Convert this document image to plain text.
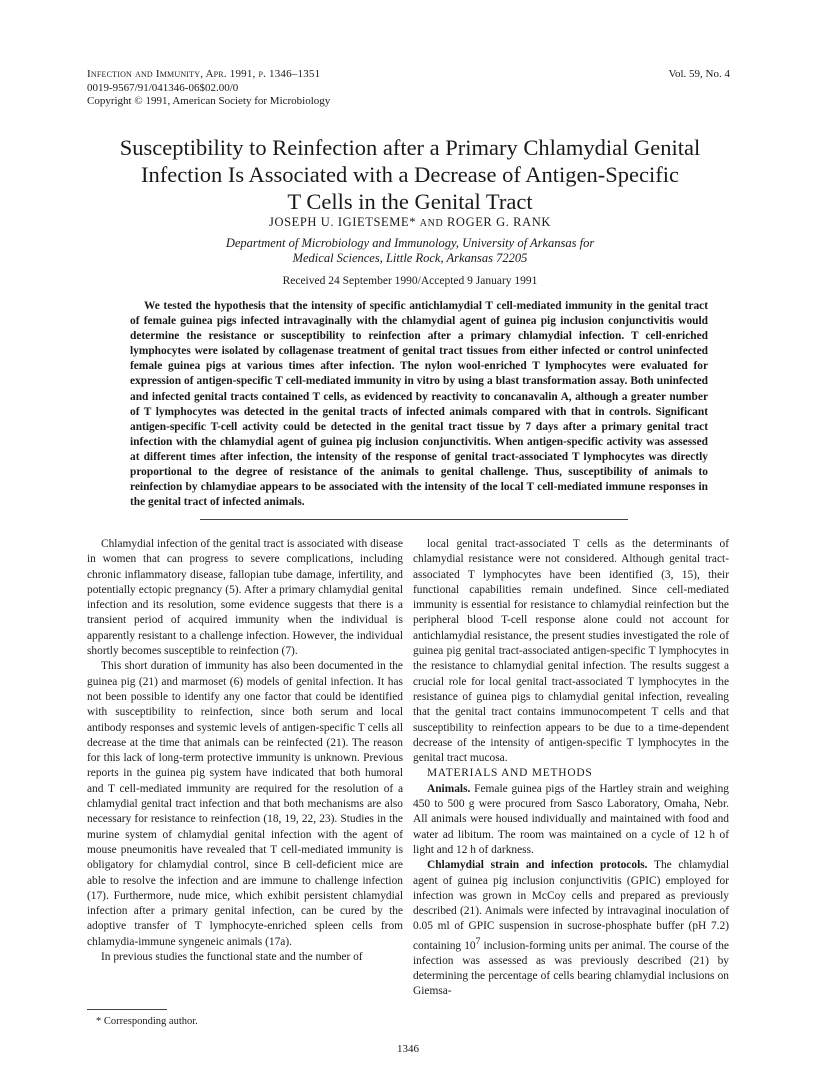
Infection and Immunity, Apr. 1991, p. 1346–1351
0019-9567/91/041346-06$02.00/0
Copyright © 1991, American Society for Microbiology
Vol. 59, No. 4
Susceptibility to Reinfection after a Primary Chlamydial Genital
Infection Is Associated with a Decrease of Antigen-Specific
T Cells in the Genital Tract
JOSEPH U. IGIETSEME* AND ROGER G. RANK
Department of Microbiology and Immunology, University of Arkansas for
Medical Sciences, Little Rock, Arkansas 72205
Received 24 September 1990/Accepted 9 January 1991

We tested the hypothesis that the intensity of specific antichlamydial T cell-mediated immunity in the genital tract of female guinea pigs infected intravaginally with the chlamydial agent of guinea pig inclusion conjunctivitis would determine the resistance or susceptibility to reinfection after a primary chlamydial infection. T cell-enriched lymphocytes were isolated by collagenase treatment of genital tract tissues from either infected or control uninfected female guinea pigs at various times after infection. The nylon wool-enriched T lymphocytes were evaluated for expression of antigen-specific T cell-mediated immunity in vitro by using a blast transformation assay. Both uninfected and infected genital tracts contained T cells, as evidenced by reactivity to concanavalin A, although a greater number of T lymphocytes was detected in the genital tracts of infected animals compared with that in controls. Significant antigen-specific T-cell activity could be detected in the genital tract tissue by 7 days after a primary genital tract infection with the chlamydial agent of guinea pig inclusion conjunctivitis. When antigen-specific activity was assessed at different times after infection, the intensity of the response of genital tract-associated T lymphocytes was directly proportional to the degree of resistance of the animals to genital challenge. Thus, susceptibility of animals to reinfection by chlamydiae appears to be associated with the intensity of the local T cell-mediated immune responses in the genital tract of infected animals.

Chlamydial infection of the genital tract is associated with disease in women that can progress to severe complications, including chronic inflammatory disease, fallopian tube damage, infertility, and potentially ectopic pregnancy (5). After a primary chlamydial genital infection and its resolution, some evidence suggests that there is a transient period of acquired immunity when the individual is apparently resistant to a challenge infection. However, the individual shortly becomes susceptible to reinfection (7).

This short duration of immunity has also been documented in the guinea pig (21) and marmoset (6) models of genital infection. It has not been possible to identify any one factor that could be identified with susceptibility to reinfection, since both serum and local antibody responses and systemic levels of antigen-specific T cells all decrease at the time that animals can be reinfected (21). The reason for this lack of long-term protective immunity is unknown. Previous reports in the guinea pig system have indicated that both humoral and T cell-mediated immunity are required for the resolution of a chlamydial genital tract infection and that both mechanisms are also necessary for resistance to reinfection (18, 19, 22, 23). Studies in the murine system of chlamydial genital infection with the agent of mouse pneumonitis have revealed that T cell-mediated immunity is obligatory for chlamydial control, since B cell-deficient mice are able to resolve the infection and are immune to challenge infection (17). Furthermore, nude mice, which exhibit persistent chlamydial infection after a primary genital infection, can be cured by the adoptive transfer of T lymphocyte-enriched spleen cells from chlamydia-immune syngeneic animals (17a).

In previous studies the functional state and the number of

local genital tract-associated T cells as the determinants of chlamydial resistance were not considered. Although genital tract-associated T lymphocytes have been identified (3, 15), their functional capabilities remain undefined. Since cell-mediated immunity is essential for resistance to chlamydial reinfection but the peripheral blood T-cell response alone could not account for antichlamydial resistance, the present studies investigated the role of guinea pig genital tract-associated antigen-specific T lymphocytes in the resistance to chlamydial genital infection. The results suggest a crucial role for local genital tract-associated T lymphocytes in the resistance of guinea pigs to chlamydial genital infection, revealing that the genital tract contains immunocompetent T cells and that susceptibility to reinfection appears to be due to a time-dependent decrease of the intensity of antigen-specific T lymphocytes in the genital tract mucosa.

MATERIALS AND METHODS

Animals. Female guinea pigs of the Hartley strain and weighing 450 to 500 g were procured from Sasco Laboratory, Omaha, Nebr. All animals were housed individually and maintained with food and water ad libitum. The room was maintained on a cycle of 12 h of light and 12 h of darkness.

Chlamydial strain and infection protocols. The chlamydial agent of guinea pig inclusion conjunctivitis (GPIC) employed for infection was grown in McCoy cells and prepared as previously described (21). Animals were infected by intravaginal inoculation of 0.05 ml of GPIC suspension in sucrose-phosphate buffer (pH 7.2) containing $10^7$ inclusion-forming units per animal. The course of the infection was assessed as was previously described (21) by determining the percentage of cells bearing chlamydial inclusions on Giemsa-

* Corresponding author.
1346
